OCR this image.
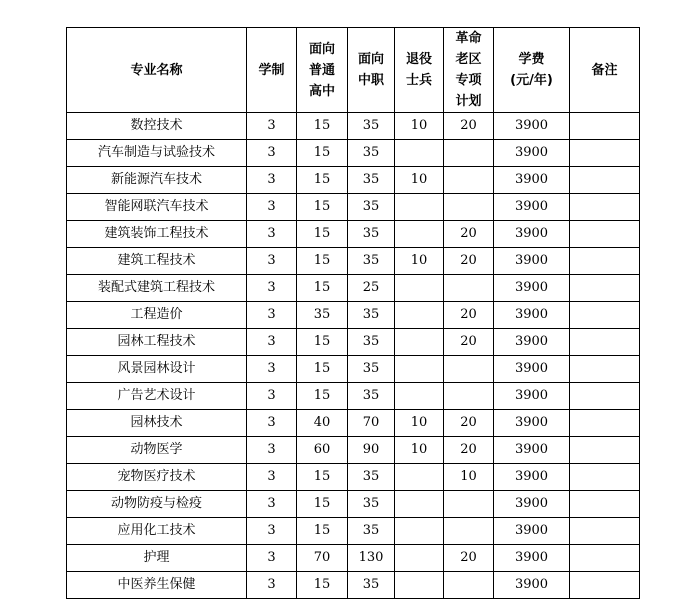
专业名称	学制	面向
普通
高中	面向
中职	退役
士兵	革命
老区
专项
计划	学费
(元/年)	备注

数控技术	3	15	35	10	20	3900	
汽车制造与试验技术	3	15	35			3900	
新能源汽车技术	3	15	35	10		3900	
智能网联汽车技术	3	15	35			3900	
建筑装饰工程技术	3	15	35		20	3900	
建筑工程技术	3	15	35	10	20	3900	
装配式建筑工程技术	3	15	25			3900	
工程造价	3	35	35		20	3900	
园林工程技术	3	15	35		20	3900	
风景园林设计	3	15	35			3900	
广告艺术设计	3	15	35			3900	
园林技术	3	40	70	10	20	3900	
动物医学	3	60	90	10	20	3900	
宠物医疗技术	3	15	35		10	3900	
动物防疫与检疫	3	15	35			3900	
应用化工技术	3	15	35			3900	
护理	3	70	130		20	3900	
中医养生保健	3	15	35			3900	
